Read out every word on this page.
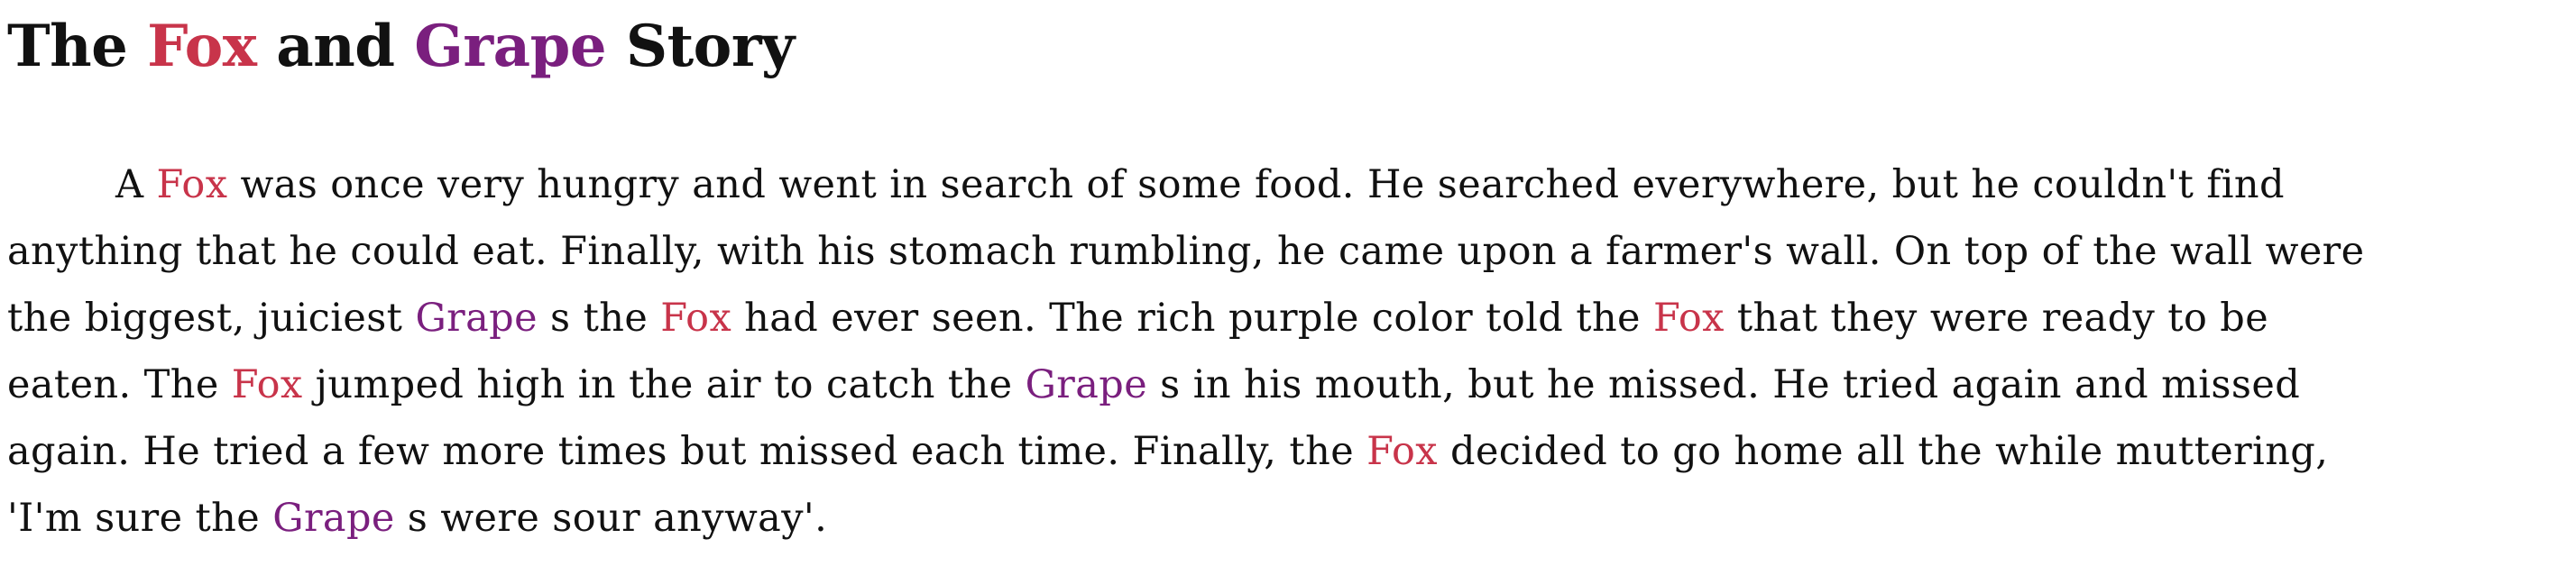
The Fox and Grape Story

A Fox was once very hungry and went in search of some food. He searched everywhere, but he couldn't find
anything that he could eat. Finally, with his stomach rumbling, he came upon a farmer's wall. On top of the wall were
the biggest, juiciest Grape s the Fox had ever seen. The rich purple color told the Fox that they were ready to be
eaten. The Fox jumped high in the air to catch the Grape s in his mouth, but he missed. He tried again and missed
again. He tried a few more times but missed each time. Finally, the Fox decided to go home all the while muttering,
'I'm sure the Grape s were sour anyway'.
